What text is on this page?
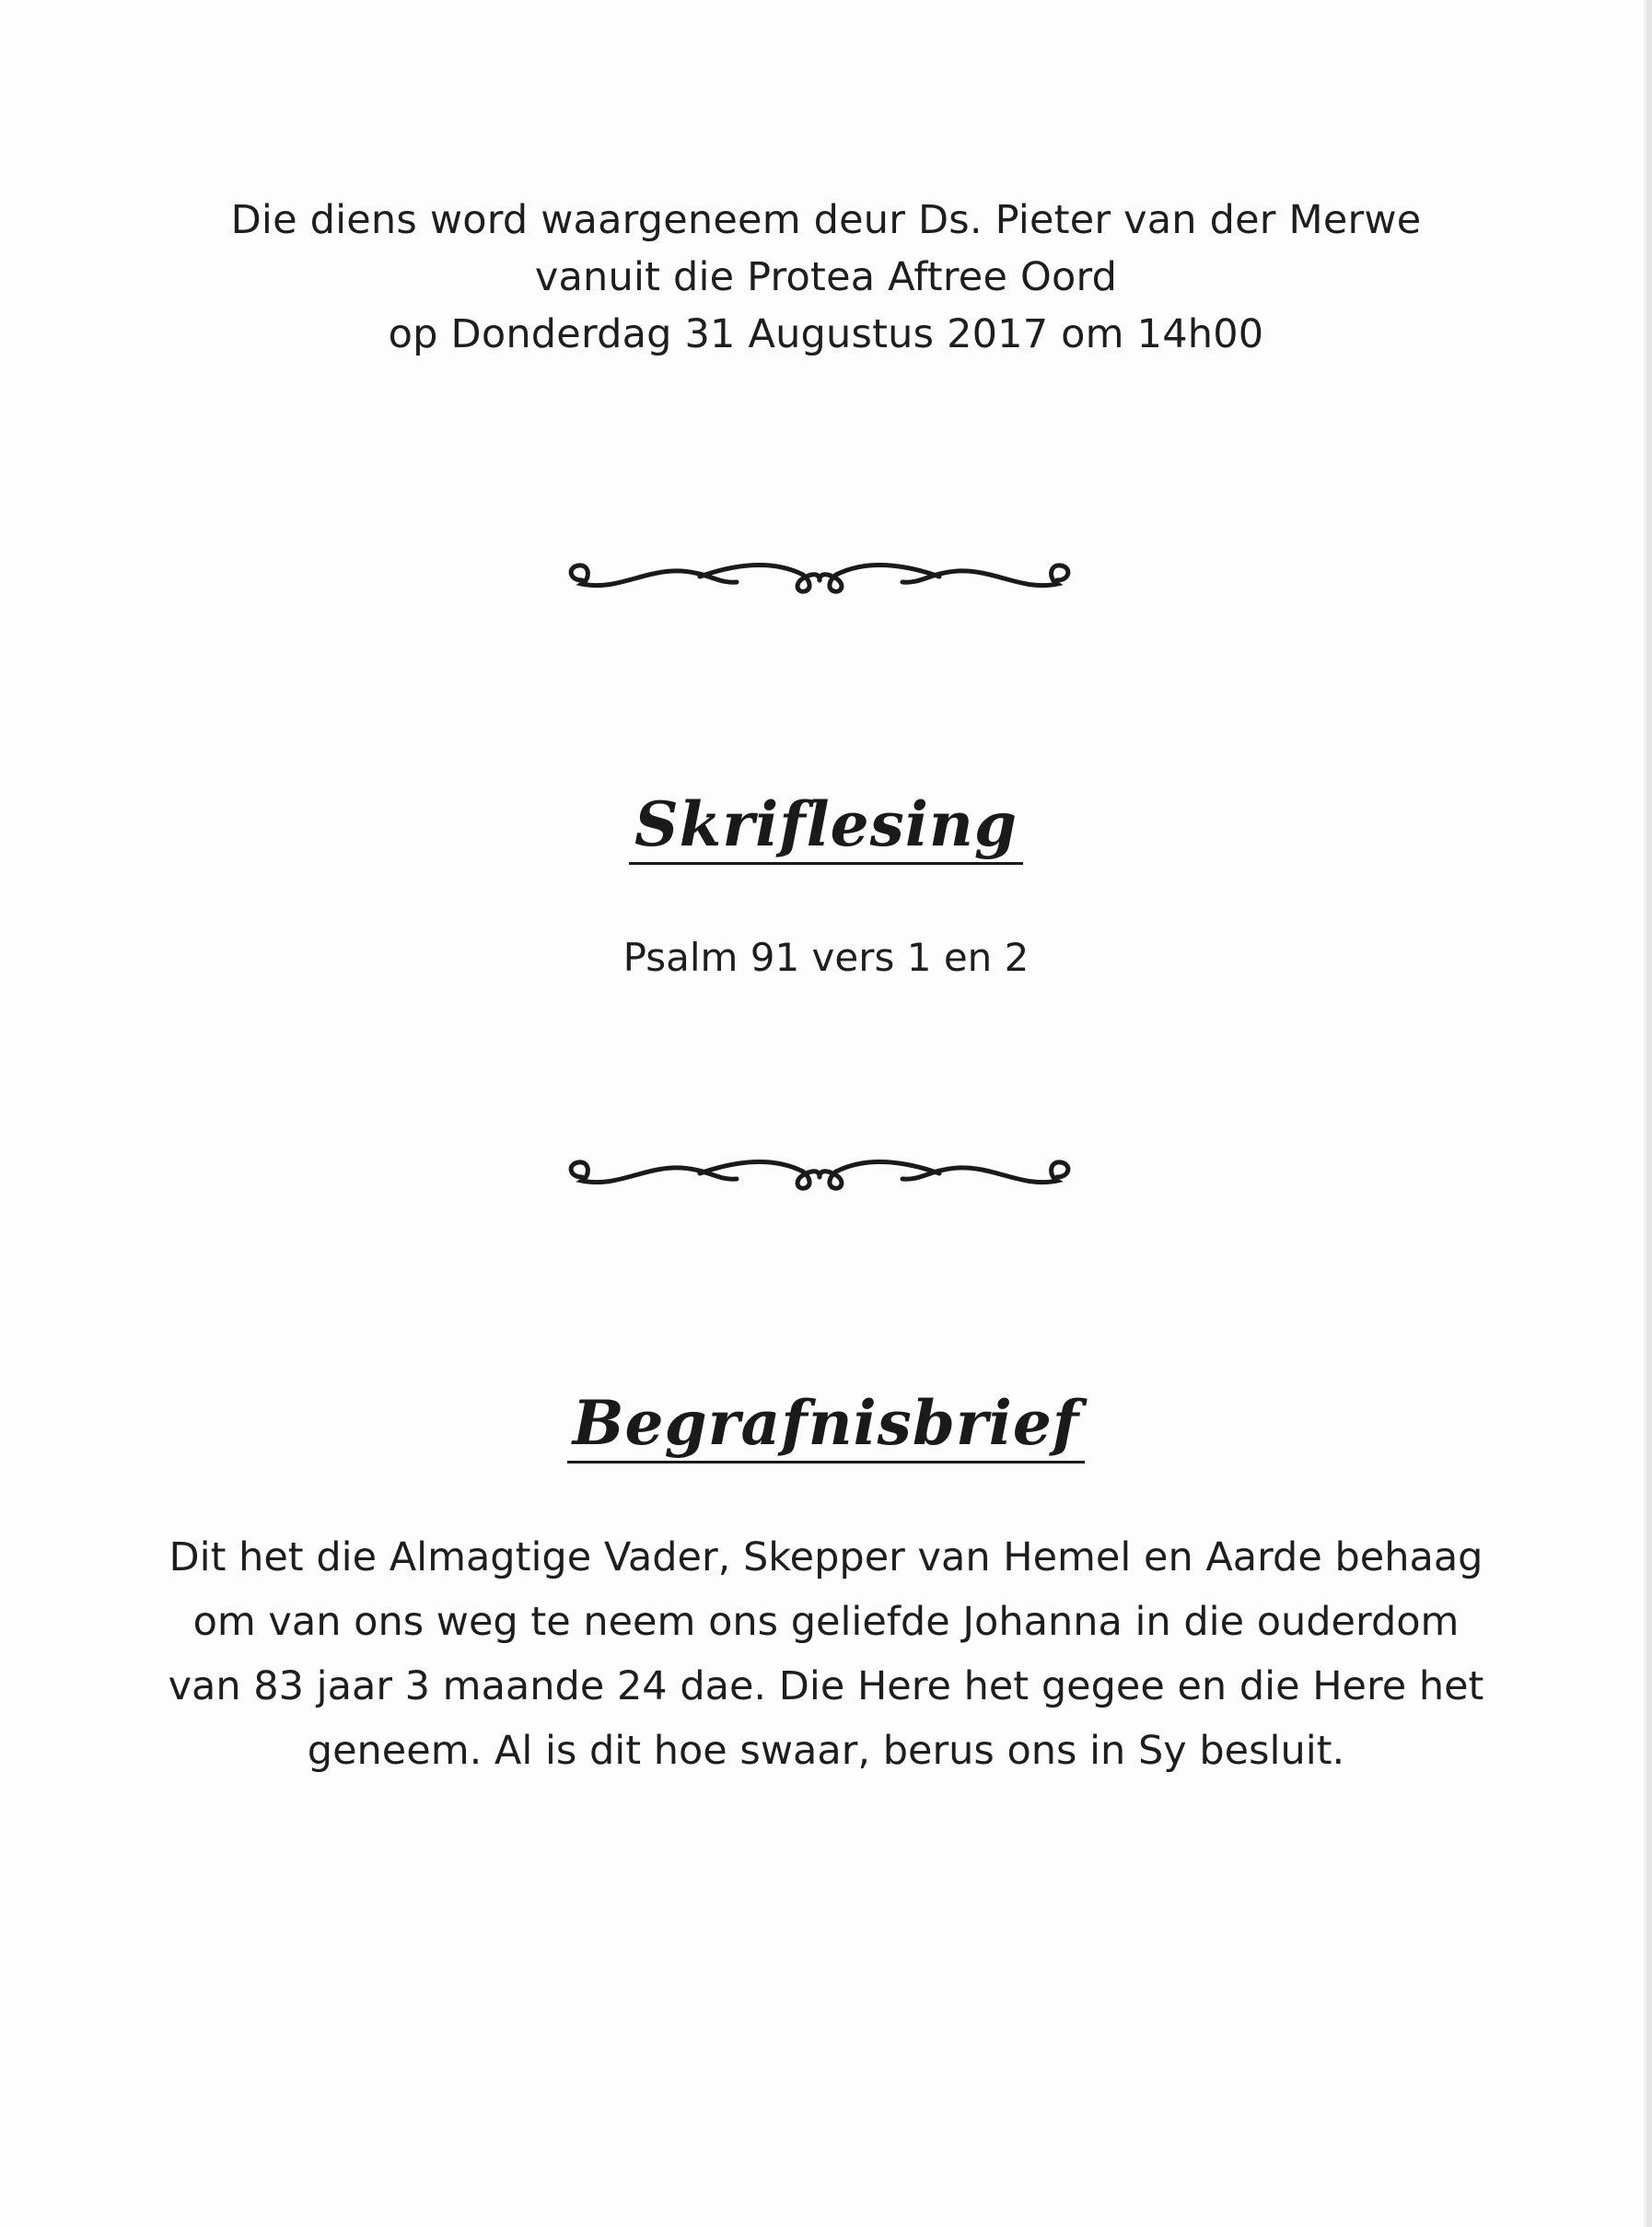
Die diens word waargeneem deur Ds. Pieter van der Merwe
vanuit die Protea Aftree Oord
op Donderdag 31 Augustus 2017 om 14h00
Skriflesing
Psalm 91 vers 1 en 2
Begrafnisbrief
Dit het die Almagtige Vader, Skepper van Hemel en Aarde behaag
om van ons weg te neem ons geliefde Johanna in die ouderdom
van 83 jaar 3 maande 24 dae. Die Here het gegee en die Here het
geneem. Al is dit hoe swaar, berus ons in Sy besluit.
